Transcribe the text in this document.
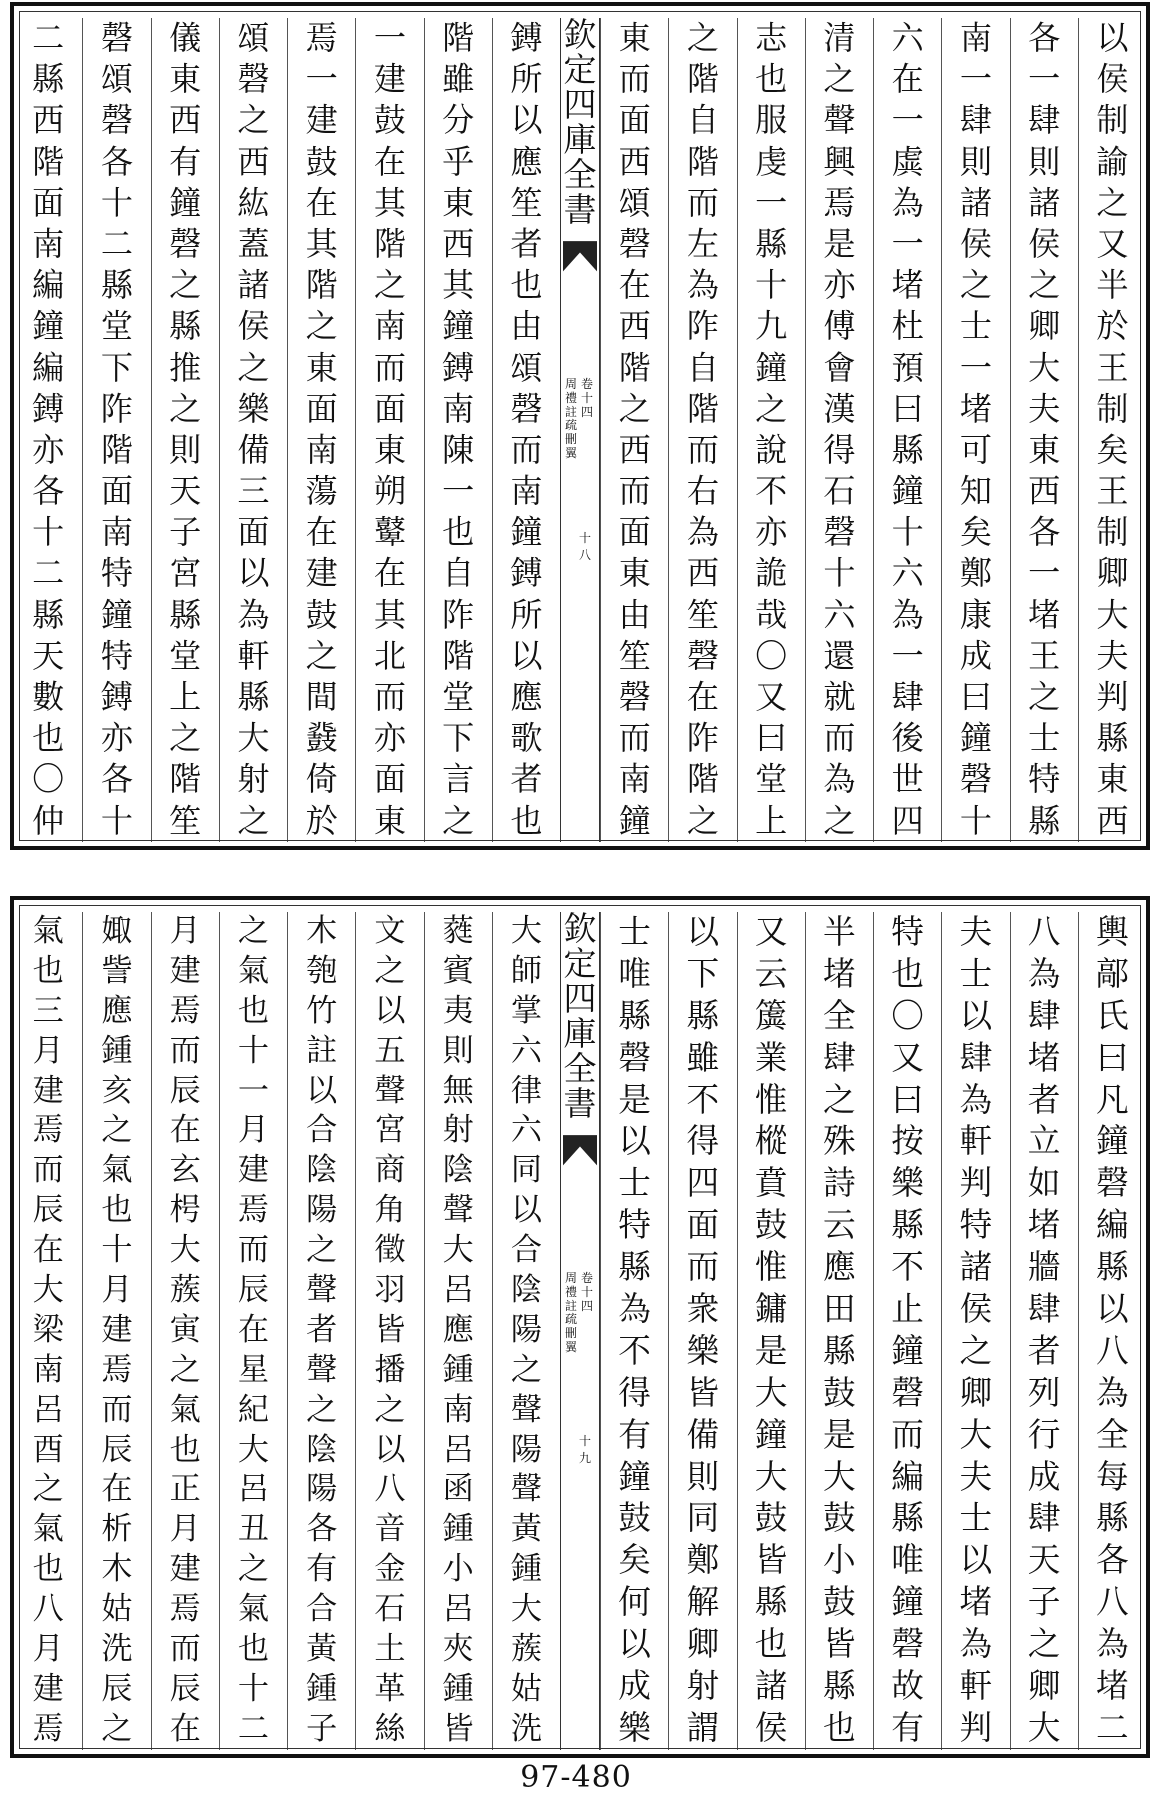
以
侯
制
諭
之
又
半
於
王
制
矣
王
制
卿
大
夫
判
縣
東
西
各
一
肆
則
諸
侯
之
卿
大
夫
東
西
各
一
堵
王
之
士
特
縣
南
一
肆
則
諸
侯
之
士
一
堵
可
知
矣
鄭
康
成
曰
鐘
磬
十
六
在
一
虡
為
一
堵
杜
預
曰
縣
鐘
十
六
為
一
肆
後
世
四
清
之
聲
興
焉
是
亦
傅
會
漢
得
石
磬
十
六
還
就
而
為
之
志
也
服
虔
一
縣
十
九
鐘
之
說
不
亦
詭
哉
〇
又
曰
堂
上
之
階
自
階
而
左
為
阼
自
階
而
右
為
西
笙
磬
在
阼
階
之
東
而
面
西
頌
磬
在
西
階
之
西
而
面
東
由
笙
磬
而
南
鐘
鎛
所
以
應
笙
者
也
由
頌
磬
而
南
鐘
鎛
所
以
應
歌
者
也
階
雖
分
乎
東
西
其
鐘
鎛
南
陳
一
也
自
阼
階
堂
下
言
之
一
建
鼓
在
其
階
之
南
而
面
東
朔
鼙
在
其
北
而
亦
面
東
焉
一
建
鼓
在
其
階
之
東
面
南
蕩
在
建
鼓
之
間
鼗
倚
於
頌
磬
之
西
紘
蓋
諸
侯
之
樂
備
三
面
以
為
軒
縣
大
射
之
儀
東
西
有
鐘
磬
之
縣
推
之
則
天
子
宮
縣
堂
上
之
階
笙
磬
頌
磬
各
十
二
縣
堂
下
阼
階
面
南
特
鐘
特
鎛
亦
各
十
二
縣
西
階
面
南
編
鐘
編
鎛
亦
各
十
二
縣
天
數
也
〇
仲
欽
定
四
庫
全
書
周
禮
註
疏
刪
翼
卷
十
四
十
八
輿
鄗
氏
曰
凡
鐘
磬
編
縣
以
八
為
全
每
縣
各
八
為
堵
二
八
為
肆
堵
者
立
如
堵
牆
肆
者
列
行
成
肆
天
子
之
卿
大
夫
士
以
肆
為
軒
判
特
諸
侯
之
卿
大
夫
士
以
堵
為
軒
判
特
也
〇
又
曰
按
樂
縣
不
止
鐘
磬
而
編
縣
唯
鐘
磬
故
有
半
堵
全
肆
之
殊
詩
云
應
田
縣
鼓
是
大
鼓
小
鼓
皆
縣
也
又
云
簴
業
惟
樅
賁
鼓
惟
鏞
是
大
鐘
大
鼓
皆
縣
也
諸
侯
以
下
縣
雖
不
得
四
面
而
衆
樂
皆
備
則
同
鄭
解
卿
射
謂
士
唯
縣
磬
是
以
士
特
縣
為
不
得
有
鐘
鼓
矣
何
以
成
樂
大
師
掌
六
律
六
同
以
合
陰
陽
之
聲
陽
聲
黃
鍾
大
蔟
姑
洗
蕤
賓
夷
則
無
射
陰
聲
大
呂
應
鍾
南
呂
函
鍾
小
呂
夾
鍾
皆
文
之
以
五
聲
宮
商
角
徵
羽
皆
播
之
以
八
音
金
石
土
革
絲
木
匏
竹
註
以
合
陰
陽
之
聲
者
聲
之
陰
陽
各
有
合
黃
鍾
子
之
氣
也
十
一
月
建
焉
而
辰
在
星
紀
大
呂
丑
之
氣
也
十
二
月
建
焉
而
辰
在
玄
枵
大
蔟
寅
之
氣
也
正
月
建
焉
而
辰
在
娵
訾
應
鍾
亥
之
氣
也
十
月
建
焉
而
辰
在
析
木
姑
洗
辰
之
氣
也
三
月
建
焉
而
辰
在
大
梁
南
呂
酉
之
氣
也
八
月
建
焉
欽
定
四
庫
全
書
周
禮
註
疏
刪
翼
卷
十
四
十
九
97-480
